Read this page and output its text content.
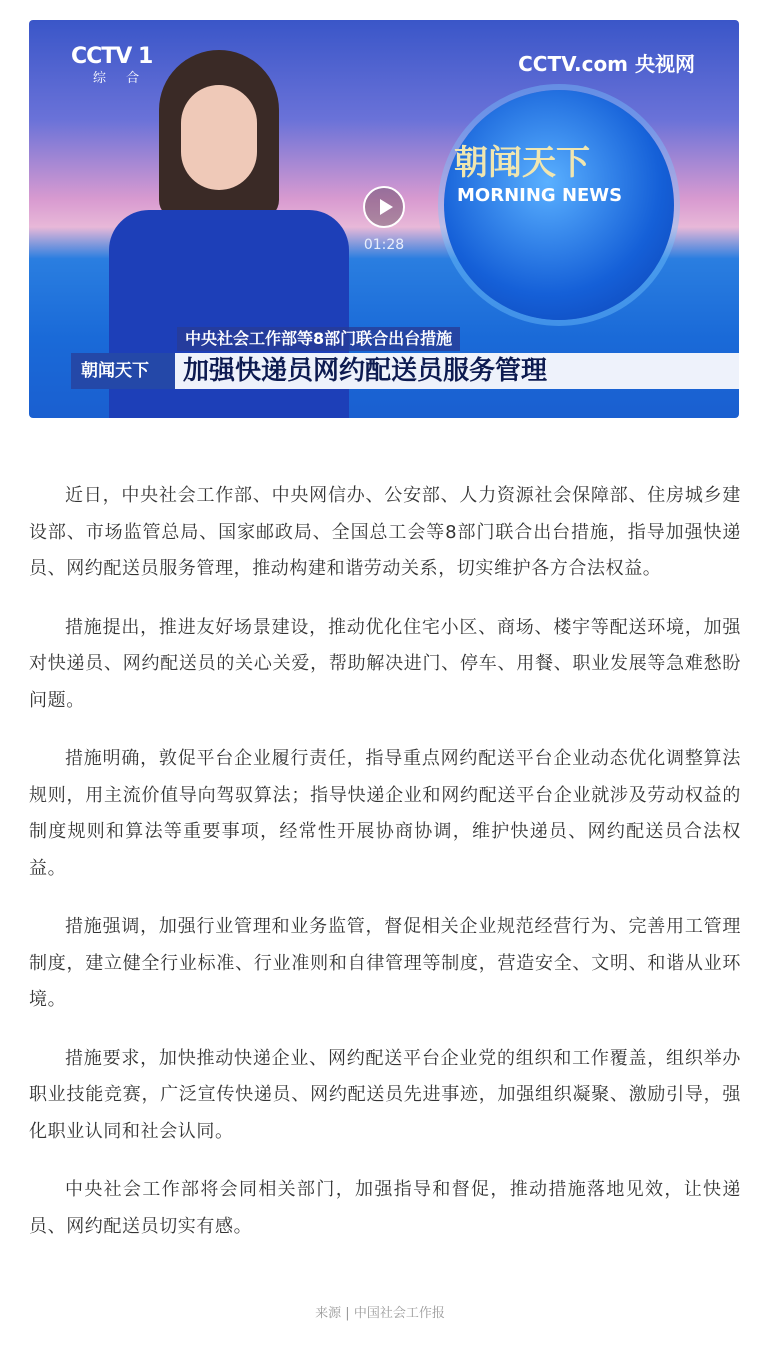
CCTV 1
综 合
CCTV.com 央视网
朝闻天下
MORNING NEWS
01:28
中央社会工作部等8部门联合出台措施
朝闻天下	加强快递员网约配送员服务管理

近日，中央社会工作部、中央网信办、公安部、人力资源社会保障部、住房城乡建设部、市场监管总局、国家邮政局、全国总工会等8部门联合出台措施，指导加强快递员、网约配送员服务管理，推动构建和谐劳动关系，切实维护各方合法权益。

措施提出，推进友好场景建设，推动优化住宅小区、商场、楼宇等配送环境，加强对快递员、网约配送员的关心关爱，帮助解决进门、停车、用餐、职业发展等急难愁盼问题。

措施明确，敦促平台企业履行责任，指导重点网约配送平台企业动态优化调整算法规则，用主流价值导向驾驭算法；指导快递企业和网约配送平台企业就涉及劳动权益的制度规则和算法等重要事项，经常性开展协商协调，维护快递员、网约配送员合法权益。

措施强调，加强行业管理和业务监管，督促相关企业规范经营行为、完善用工管理制度，建立健全行业标准、行业准则和自律管理等制度，营造安全、文明、和谐从业环境。

措施要求，加快推动快递企业、网约配送平台企业党的组织和工作覆盖，组织举办职业技能竞赛，广泛宣传快递员、网约配送员先进事迹，加强组织凝聚、激励引导，强化职业认同和社会认同。

中央社会工作部将会同相关部门，加强指导和督促，推动措施落地见效，让快递员、网约配送员切实有感。

来源 | 中国社会工作报
